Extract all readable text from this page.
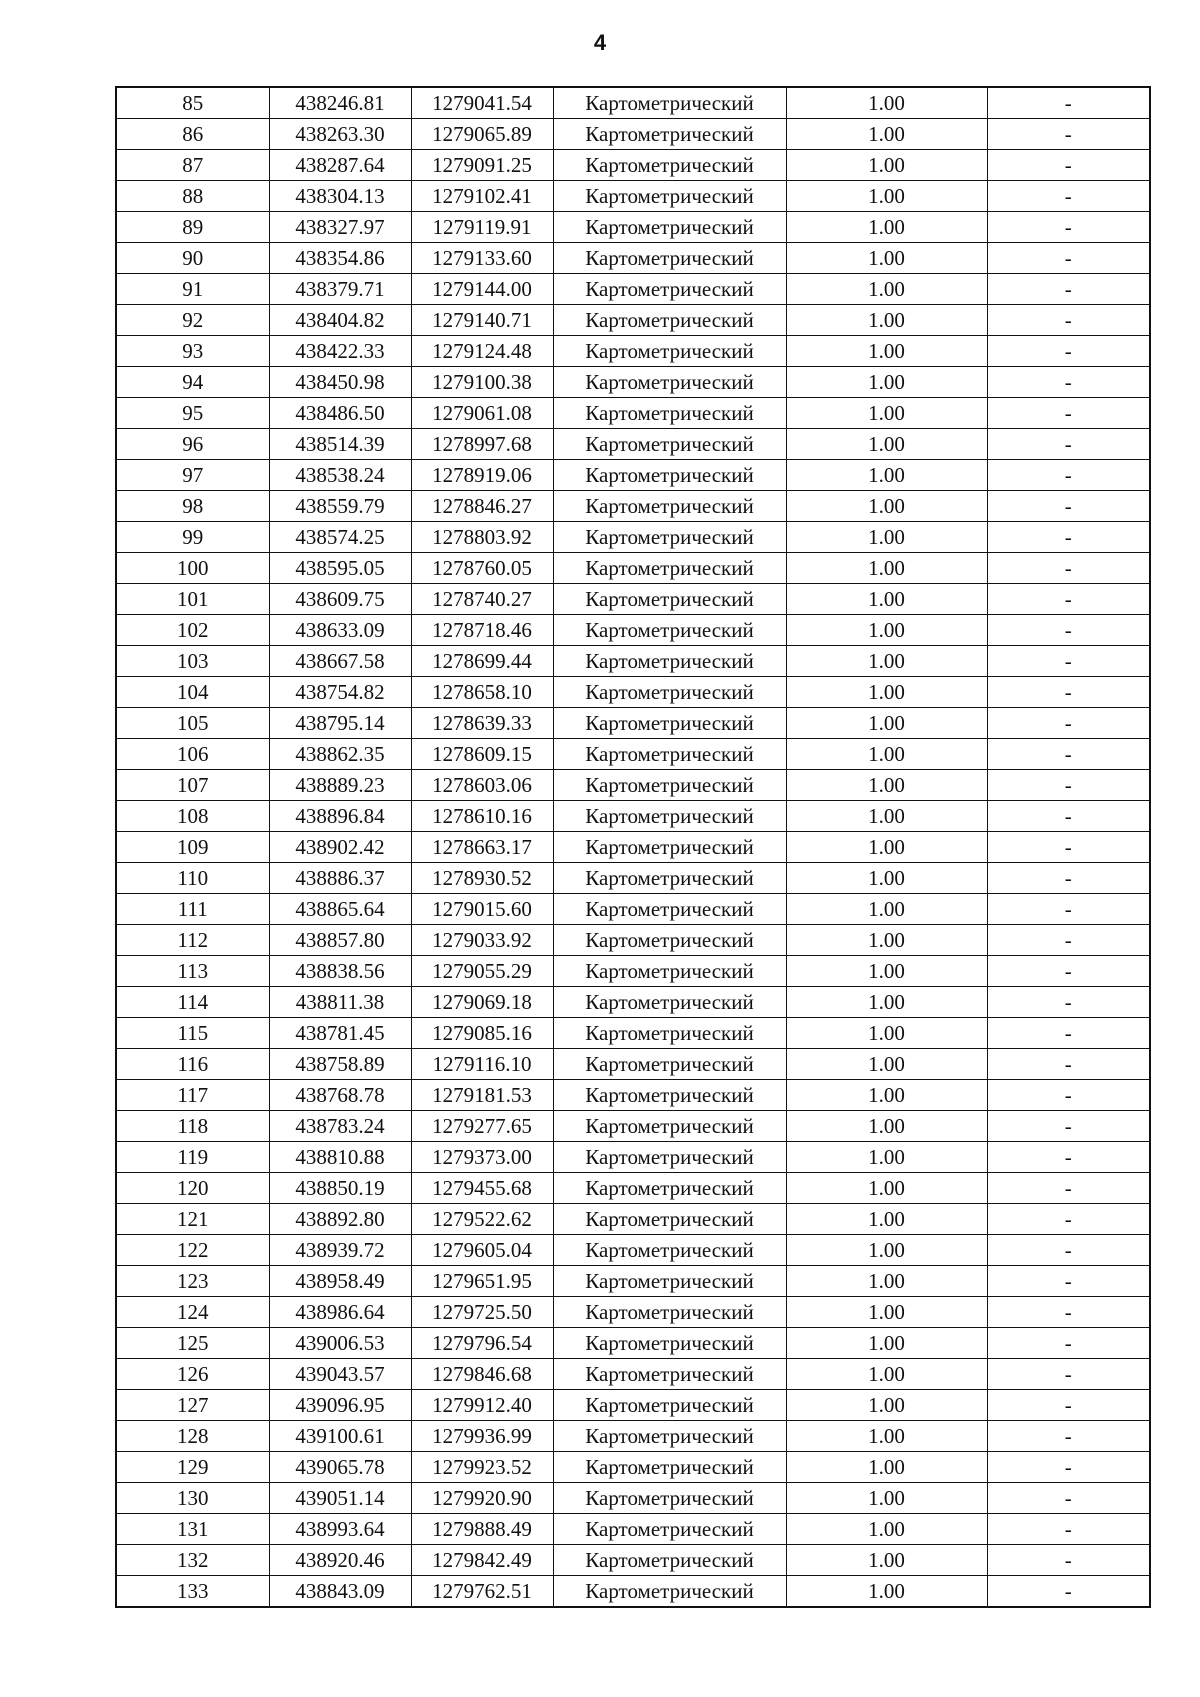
4
85	438246.81	1279041.54	Картометрический	1.00	-
86	438263.30	1279065.89	Картометрический	1.00	-
87	438287.64	1279091.25	Картометрический	1.00	-
88	438304.13	1279102.41	Картометрический	1.00	-
89	438327.97	1279119.91	Картометрический	1.00	-
90	438354.86	1279133.60	Картометрический	1.00	-
91	438379.71	1279144.00	Картометрический	1.00	-
92	438404.82	1279140.71	Картометрический	1.00	-
93	438422.33	1279124.48	Картометрический	1.00	-
94	438450.98	1279100.38	Картометрический	1.00	-
95	438486.50	1279061.08	Картометрический	1.00	-
96	438514.39	1278997.68	Картометрический	1.00	-
97	438538.24	1278919.06	Картометрический	1.00	-
98	438559.79	1278846.27	Картометрический	1.00	-
99	438574.25	1278803.92	Картометрический	1.00	-
100	438595.05	1278760.05	Картометрический	1.00	-
101	438609.75	1278740.27	Картометрический	1.00	-
102	438633.09	1278718.46	Картометрический	1.00	-
103	438667.58	1278699.44	Картометрический	1.00	-
104	438754.82	1278658.10	Картометрический	1.00	-
105	438795.14	1278639.33	Картометрический	1.00	-
106	438862.35	1278609.15	Картометрический	1.00	-
107	438889.23	1278603.06	Картометрический	1.00	-
108	438896.84	1278610.16	Картометрический	1.00	-
109	438902.42	1278663.17	Картометрический	1.00	-
110	438886.37	1278930.52	Картометрический	1.00	-
111	438865.64	1279015.60	Картометрический	1.00	-
112	438857.80	1279033.92	Картометрический	1.00	-
113	438838.56	1279055.29	Картометрический	1.00	-
114	438811.38	1279069.18	Картометрический	1.00	-
115	438781.45	1279085.16	Картометрический	1.00	-
116	438758.89	1279116.10	Картометрический	1.00	-
117	438768.78	1279181.53	Картометрический	1.00	-
118	438783.24	1279277.65	Картометрический	1.00	-
119	438810.88	1279373.00	Картометрический	1.00	-
120	438850.19	1279455.68	Картометрический	1.00	-
121	438892.80	1279522.62	Картометрический	1.00	-
122	438939.72	1279605.04	Картометрический	1.00	-
123	438958.49	1279651.95	Картометрический	1.00	-
124	438986.64	1279725.50	Картометрический	1.00	-
125	439006.53	1279796.54	Картометрический	1.00	-
126	439043.57	1279846.68	Картометрический	1.00	-
127	439096.95	1279912.40	Картометрический	1.00	-
128	439100.61	1279936.99	Картометрический	1.00	-
129	439065.78	1279923.52	Картометрический	1.00	-
130	439051.14	1279920.90	Картометрический	1.00	-
131	438993.64	1279888.49	Картометрический	1.00	-
132	438920.46	1279842.49	Картометрический	1.00	-
133	438843.09	1279762.51	Картометрический	1.00	-
